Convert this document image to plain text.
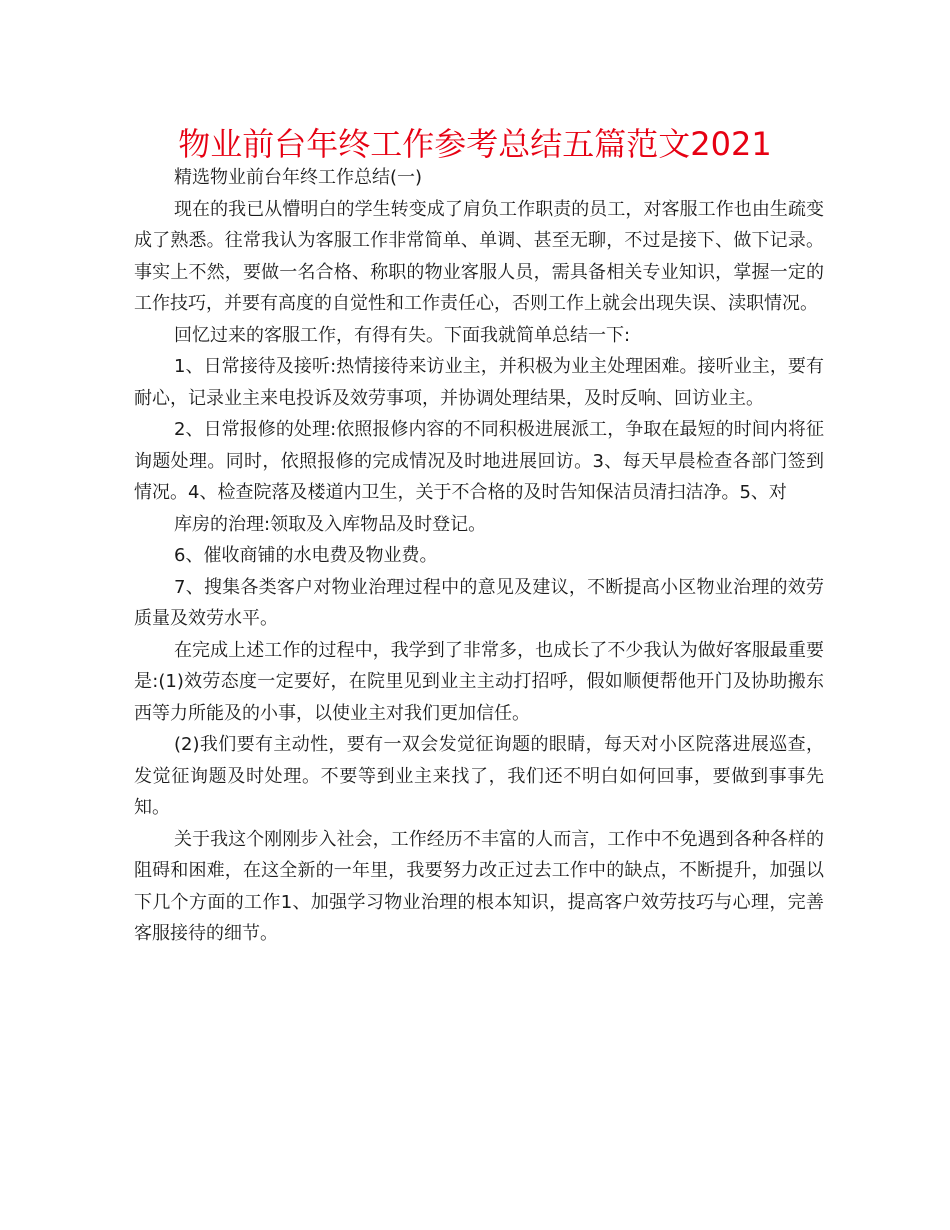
物业前台年终工作参考总结五篇范文2021

精选物业前台年终工作总结(一)

现在的我已从懵明白的学生转变成了肩负工作职责的员工，对客服工作也由生疏变成了熟悉。往常我认为客服工作非常简单、单调、甚至无聊，不过是接下、做下记录。事实上不然，要做一名合格、称职的物业客服人员，需具备相关专业知识，掌握一定的工作技巧，并要有高度的自觉性和工作责任心，否则工作上就会出现失误、渎职情况。

回忆过来的客服工作，有得有失。下面我就简单总结一下:

1、日常接待及接听:热情接待来访业主，并积极为业主处理困难。接听业主，要有耐心，记录业主来电投诉及效劳事项，并协调处理结果，及时反响、回访业主。

2、日常报修的处理:依照报修内容的不同积极进展派工，争取在最短的时间内将征询题处理。同时，依照报修的完成情况及时地进展回访。3、每天早晨检查各部门签到情况。4、检查院落及楼道内卫生，关于不合格的及时告知保洁员清扫洁净。5、对

库房的治理:领取及入库物品及时登记。

6、催收商铺的水电费及物业费。

7、搜集各类客户对物业治理过程中的意见及建议，不断提高小区物业治理的效劳质量及效劳水平。

在完成上述工作的过程中，我学到了非常多，也成长了不少我认为做好客服最重要是:(1)效劳态度一定要好，在院里见到业主主动打招呼，假如顺便帮他开门及协助搬东西等力所能及的小事，以使业主对我们更加信任。

(2)我们要有主动性，要有一双会发觉征询题的眼睛，每天对小区院落进展巡查，发觉征询题及时处理。不要等到业主来找了，我们还不明白如何回事，要做到事事先知。

关于我这个刚刚步入社会，工作经历不丰富的人而言，工作中不免遇到各种各样的阻碍和困难，在这全新的一年里，我要努力改正过去工作中的缺点，不断提升，加强以下几个方面的工作1、加强学习物业治理的根本知识，提高客户效劳技巧与心理，完善客服接待的细节。
